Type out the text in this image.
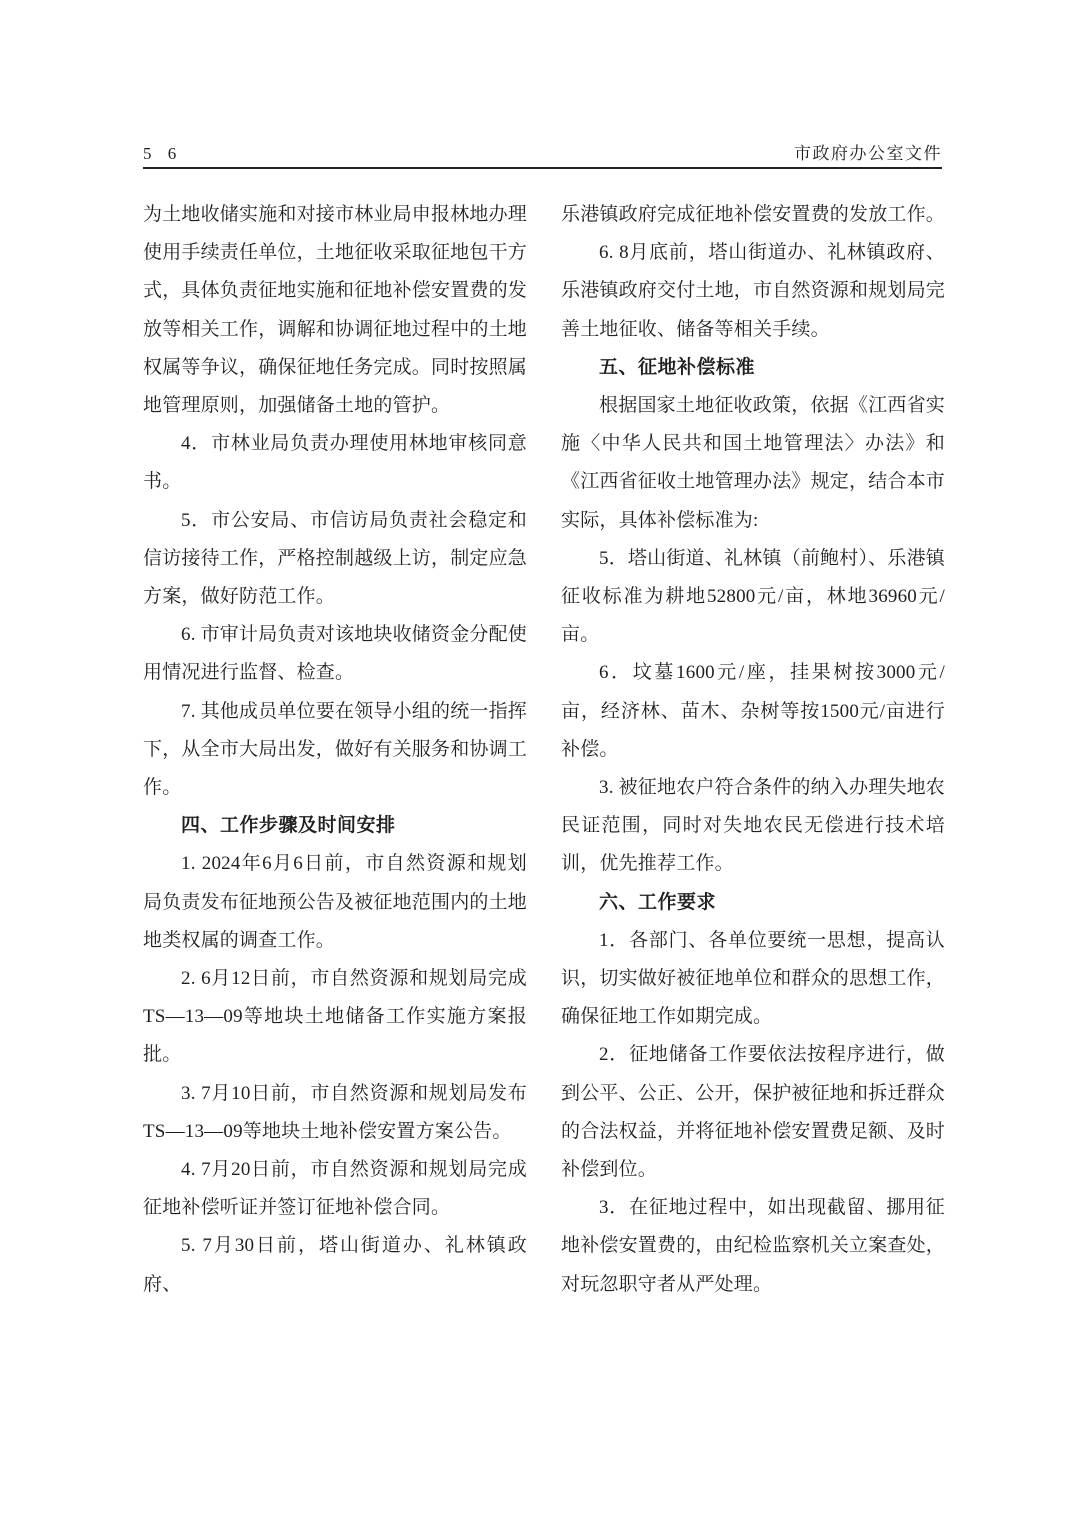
5 6	市政府办公室文件

为土地收储实施和对接市林业局申报林地办理使用手续责任单位，土地征收采取征地包干方式，具体负责征地实施和征地补偿安置费的发放等相关工作，调解和协调征地过程中的土地权属等争议，确保征地任务完成。同时按照属地管理原则，加强储备土地的管护。

4．市林业局负责办理使用林地审核同意书。

5．市公安局、市信访局负责社会稳定和信访接待工作，严格控制越级上访，制定应急方案，做好防范工作。

6. 市审计局负责对该地块收储资金分配使用情况进行监督、检查。

7. 其他成员单位要在领导小组的统一指挥下，从全市大局出发，做好有关服务和协调工作。

四、工作步骤及时间安排

1. 2024年6月6日前，市自然资源和规划局负责发布征地预公告及被征地范围内的土地地类权属的调查工作。

2. 6月12日前，市自然资源和规划局完成TS—13—09等地块土地储备工作实施方案报批。

3. 7月10日前，市自然资源和规划局发布TS—13—09等地块土地补偿安置方案公告。

4. 7月20日前，市自然资源和规划局完成征地补偿听证并签订征地补偿合同。

5. 7月30日前，塔山街道办、礼林镇政府、

乐港镇政府完成征地补偿安置费的发放工作。

6. 8月底前，塔山街道办、礼林镇政府、乐港镇政府交付土地，市自然资源和规划局完善土地征收、储备等相关手续。

五、征地补偿标准

根据国家土地征收政策，依据《江西省实施〈中华人民共和国土地管理法〉办法》和《江西省征收土地管理办法》规定，结合本市实际，具体补偿标准为:

5．塔山街道、礼林镇（前鲍村）、乐港镇征收标准为耕地52800元/亩，林地36960元/亩。

6．坟墓1600元/座，挂果树按3000元/亩，经济林、苗木、杂树等按1500元/亩进行补偿。

3. 被征地农户符合条件的纳入办理失地农民证范围，同时对失地农民无偿进行技术培训，优先推荐工作。

六、工作要求

1．各部门、各单位要统一思想，提高认识，切实做好被征地单位和群众的思想工作，确保征地工作如期完成。

2．征地储备工作要依法按程序进行，做到公平、公正、公开，保护被征地和拆迁群众的合法权益，并将征地补偿安置费足额、及时补偿到位。

3．在征地过程中，如出现截留、挪用征地补偿安置费的，由纪检监察机关立案查处，对玩忽职守者从严处理。
